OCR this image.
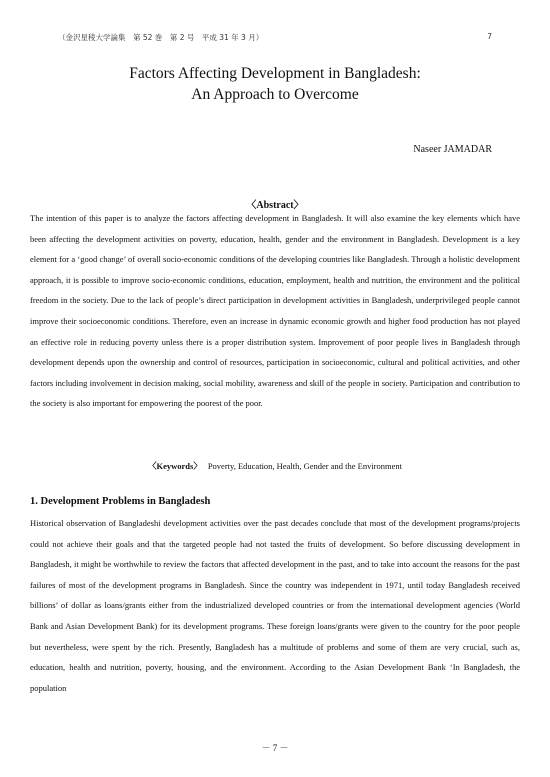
（金沢星稜大学論集　第 52 巻　第 2 号　平成 31 年 3 月）	7
Factors Affecting Development in Bangladesh:
An Approach to Overcome
Naseer JAMADAR
〈Abstract〉
The intention of this paper is to analyze the factors affecting development in Bangladesh. It will also examine the key elements which have been affecting the development activities on poverty, education, health, gender and the environment in Bangladesh. Development is a key element for a ‘good change’ of overall socio-economic conditions of the developing countries like Bangladesh. Through a holistic development approach, it is possible to improve socio-economic conditions, education, employment, health and nutrition, the environment and the political freedom in the society. Due to the lack of people’s direct participation in development activities in Bangladesh, underprivileged people cannot improve their socioeconomic conditions. Therefore, even an increase in dynamic economic growth and higher food production has not played an effective role in reducing poverty unless there is a proper distribution system. Improvement of poor people lives in Bangladesh through development depends upon the ownership and control of resources, participation in socioeconomic, cultural and political activities, and other factors including involvement in decision making, social mobility, awareness and skill of the people in society. Participation and contribution to the society is also important for empowering the poorest of the poor.
〈Keywords〉 Poverty, Education, Health, Gender and the Environment
1. Development Problems in Bangladesh
Historical observation of Bangladeshi development activities over the past decades conclude that most of the development programs/projects could not achieve their goals and that the targeted people had not tasted the fruits of development. So before discussing development in Bangladesh, it might be worthwhile to review the factors that affected development in the past, and to take into account the reasons for the past failures of most of the development programs in Bangladesh. Since the country was independent in 1971, until today Bangladesh received billions’ of dollar as loans/grants either from the industrialized developed countries or from the international development agencies (World Bank and Asian Development Bank) for its development programs. These foreign loans/grants were given to the country for the poor people but nevertheless, were spent by the rich. Presently, Bangladesh has a multitude of problems and some of them are very crucial, such as, education, health and nutrition, poverty, housing, and the environment. According to the Asian Development Bank ‘In Bangladesh, the population
－ 7 －
